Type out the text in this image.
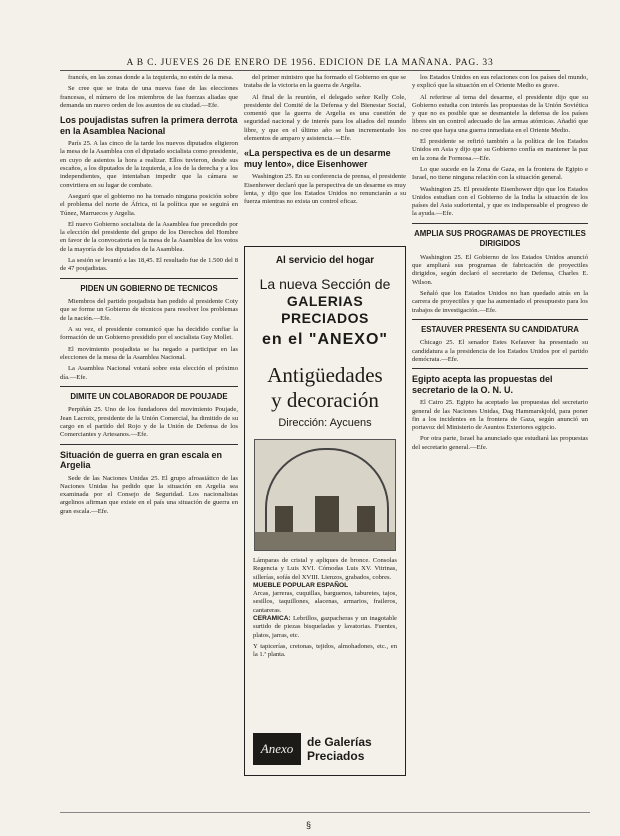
A B C. JUEVES 26 DE ENERO DE 1956. EDICION DE LA MAÑANA. PAG. 33

francés, en las zonas donde a la izquierda, no estén de la mesa.

Se cree que se trata de una nueva fase de las elecciones francesas, el número de los miembros de las fuerzas aliadas que demanda un nuevo orden de los asuntos de su ciudad.—Efe.

Los poujadistas sufren la primera derrota en la Asamblea Nacional

París 25. A las cinco de la tarde los nuevos diputados eligieron la mesa de la Asamblea con el diputado socialista como presidente, en cuyo de asientos la hora a realizar. Ellos tuvieron, desde sus escaños, a los diputados de la izquierda, a los de la derecha y a los independientes, que intentaban impedir que la cámara se convirtiera en su lugar de combate.

Aseguró que el gobierno no ha tomado ninguna posición sobre el problema del norte de África, ni la política que se seguirá en Túnez, Marruecos y Argelia.

El nuevo Gobierno socialista de la Asamblea fue precedido por la elección del presidente del grupo de los Derechos del Hombre en favor de la convocatoria en la mesa de la Asamblea de los votos de la mayoría de los diputados de la Asamblea.

La sesión se levantó a las 18,45. El resultado fue de 1.500 del 8 de 47 poujadistas.

PIDEN UN GOBIERNO DE TECNICOS

Miembros del partido poujadista han pedido al presidente Coty que se forme un Gobierno de técnicos para resolver los problemas de la nación.—Efe.

A su vez, el presidente comunicó que ha decidido confiar la formación de un Gobierno presidido por el socialista Guy Mollet.

El movimiento poujadista se ha negado a participar en las elecciones de la mesa de la Asamblea Nacional.

La Asamblea Nacional votará sobre esta elección el próximo día.—Efe.

DIMITE UN COLABORADOR DE POUJADE

Perpiñán 25. Uno de los fundadores del movimiento Poujade, Jean Lacroix, presidente de la Unión Comercial, ha dimitido de su cargo en el partido del Rojo y de la Unión de Defensa de los Comerciantes y Artesanos.—Efe.

Situación de guerra en gran escala en Argelia

Sede de las Naciones Unidas 25. El grupo afroasiático de las Naciones Unidas ha pedido que la situación en Argelia sea examinada por el Consejo de Seguridad. Los nacionalistas argelinos afirman que existe en el país una situación de guerra en gran escala.—Efe.

del primer ministro que ha formado el Gobierno en que se trataba de la victoria en la guerra de Argelia.

Al final de la reunión, el delegado señor Kelly Cole, presidente del Comité de la Defensa y del Bienestar Social, comentó que la guerra de Argelia es una cuestión de seguridad nacional y de interés para los aliados del mundo libre, y que en el último año se han incrementado los elementos de amparo y asistencia.—Efe.

«La perspectiva es de un desarme muy lento», dice Eisenhower

Washington 25. En su conferencia de prensa, el presidente Eisenhower declaró que la perspectiva de un desarme es muy lenta, y dijo que los Estados Unidos no renunciarán a su fuerza mientras no exista un control eficaz.

Al servicio del hogar
La nueva Sección de
GALERIAS PRECIADOS
en el "ANEXO"
Antigüedades
y decoración
Dirección: Aycuens
Lámparas de cristal y apliques de bronce. Consolas Regencia y Luis XVI. Cómodas Luis XV. Vitrinas, sillerías, sofás del XVIII. Lienzos, grabados, cobres.
MUEBLE POPULAR ESPAÑOL
Arcas, jarreras, cuquillas, barguenos, taburetes, tajos, sesillos, taquillones, alacenas, armarios, fraileros, cantareras.
CERAMICA: Lebrillos, gazpacheras y un inagotable surtido de piezas bisqueladas y lavatorias. Fuentes, platos, jarras, etc.
Y tapicerías, cretonas, tejidos, almohadones, etc., en la 1.ª planta.
Anexo	de Galerías
Preciados

los Estados Unidos en sus relaciones con los países del mundo, y explicó que la situación en el Oriente Medio es grave.

Al referirse al tema del desarme, el presidente dijo que su Gobierno estudia con interés las propuestas de la Unión Soviética y que no es posible que se desmantele la defensa de los países libres sin un control adecuado de las armas atómicas. Añadió que no cree que haya una guerra inmediata en el Oriente Medio.

El presidente se refirió también a la política de los Estados Unidos en Asia y dijo que su Gobierno confía en mantener la paz en la zona de Formosa.—Efe.

Lo que sucede en la Zona de Gaza, en la frontera de Egipto e Israel, no tiene ninguna relación con la situación general.

Washington 25. El presidente Eisenhower dijo que los Estados Unidos estudian con el Gobierno de la India la situación de los países del Asia sudoriental, y que es indispensable el progreso de la ayuda.—Efe.

AMPLIA SUS PROGRAMAS DE PROYECTILES DIRIGIDOS

Washington 25. El Gobierno de los Estados Unidos anunció que ampliará sus programas de fabricación de proyectiles dirigidos, según declaró el secretario de Defensa, Charles E. Wilson.

Señaló que los Estados Unidos no han quedado atrás en la carrera de proyectiles y que ha aumentado el presupuesto para los trabajos de investigación.—Efe.

ESTAUVER PRESENTA SU CANDIDATURA

Chicago 25. El senador Estes Kefauver ha presentado su candidatura a la presidencia de los Estados Unidos por el partido demócrata.—Efe.

Egipto acepta las propuestas del secretario de la O. N. U.

El Cairo 25. Egipto ha aceptado las propuestas del secretario general de las Naciones Unidas, Dag Hammarskjold, para poner fin a los incidentes en la frontera de Gaza, según anunció un portavoz del Ministerio de Asuntos Exteriores egipcio.

Por otra parte, Israel ha anunciado que estudiará las propuestas del secretario general.—Efe.

§
